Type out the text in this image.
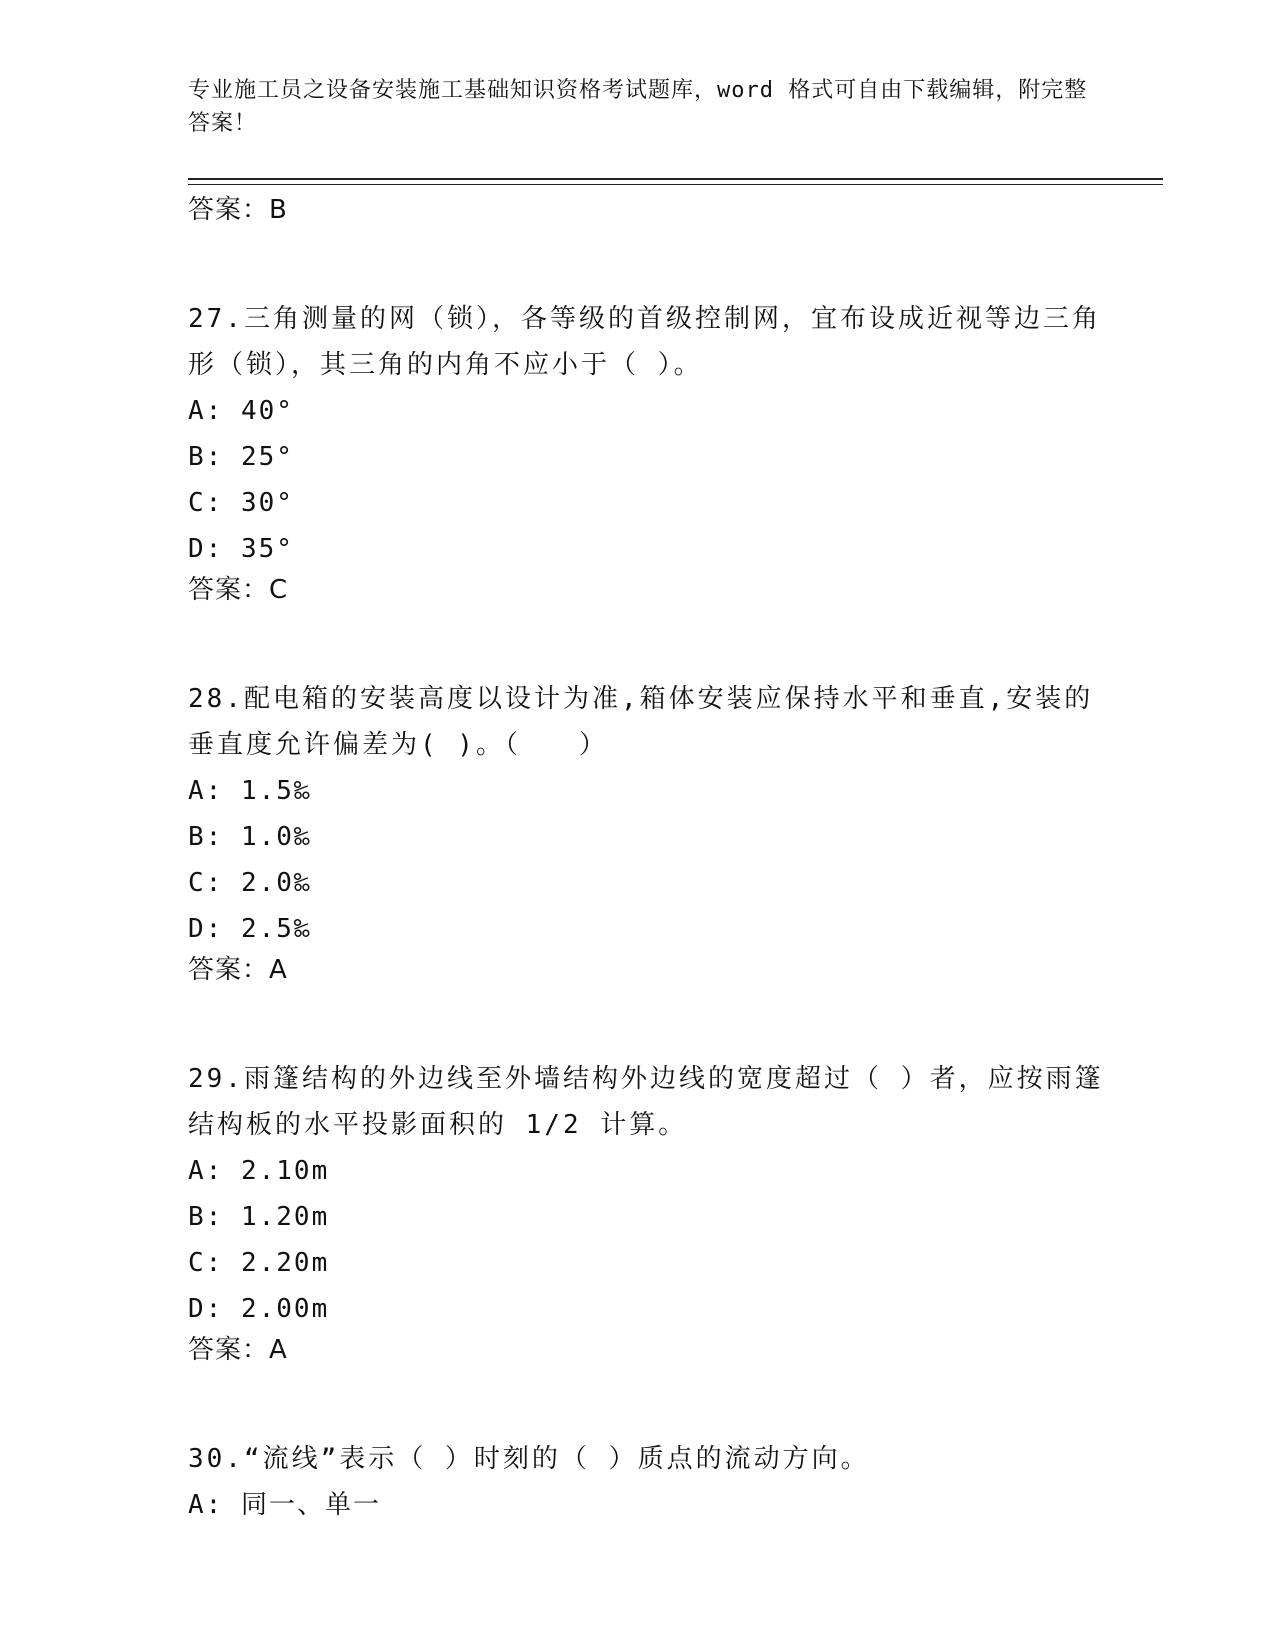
专业施工员之设备安装施工基础知识资格考试题库，word 格式可自由下载编辑，附完整答案！
答案：B

27.三角测量的网（锁），各等级的首级控制网，宜布设成近视等边三角形（锁），其三角的内角不应小于（ ）。

A: 40°
B: 25°
C: 30°
D: 35°
答案：C

28.配电箱的安装高度以设计为准,箱体安装应保持水平和垂直,安装的垂直度允许偏差为( )。（　　）

A: 1.5‰
B: 1.0‰
C: 2.0‰
D: 2.5‰
答案：A

29.雨篷结构的外边线至外墙结构外边线的宽度超过（ ）者，应按雨篷结构板的水平投影面积的 1/2 计算。

A: 2.10m
B: 1.20m
C: 2.20m
D: 2.00m
答案：A

30.“流线”表示（ ）时刻的（ ）质点的流动方向。

A: 同一、单一
